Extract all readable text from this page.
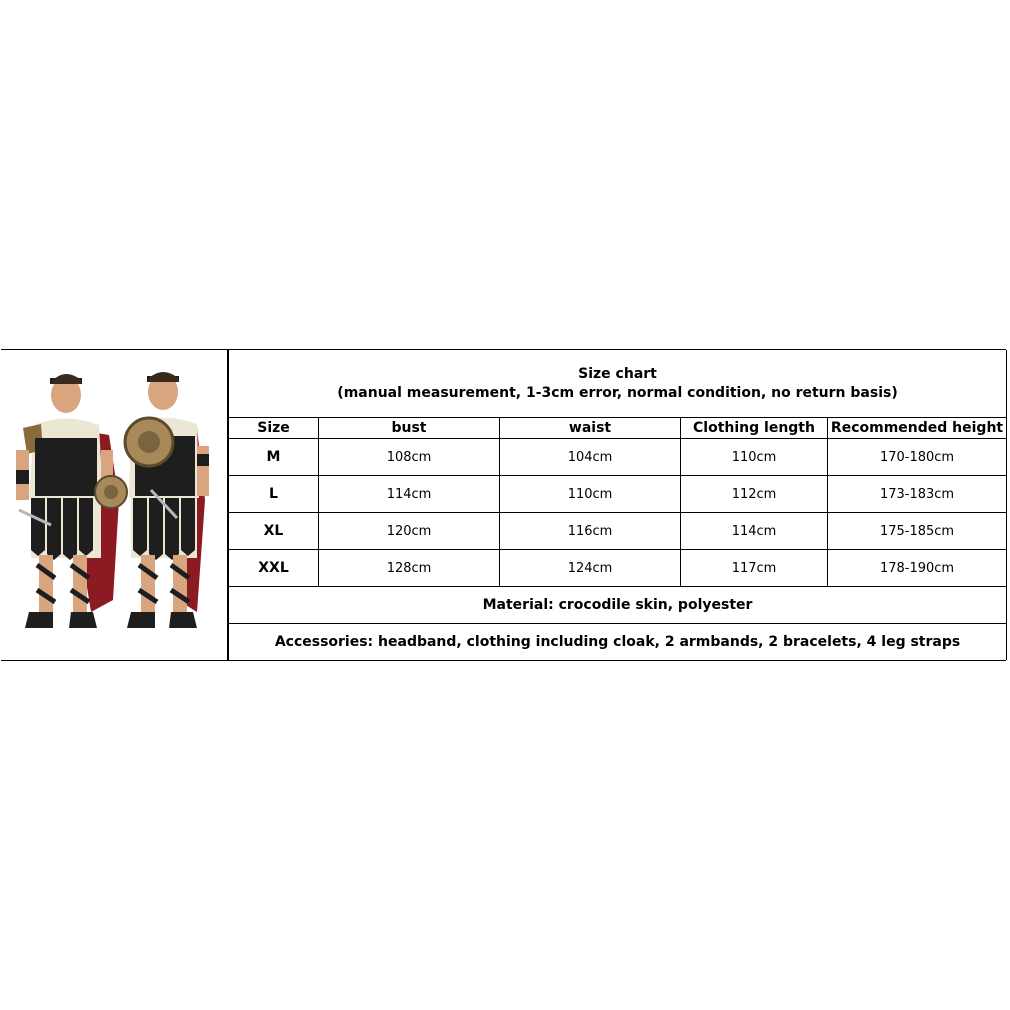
Size chart
(manual measurement, 1-3cm error, normal condition, no return basis)				

Size	bust	waist	Clothing length	Recommended height
M	108cm	104cm	110cm	170-180cm
L	114cm	110cm	112cm	173-183cm
XL	120cm	116cm	114cm	175-185cm
XXL	128cm	124cm	117cm	178-190cm
Material: crocodile skin, polyester				
Accessories: headband, clothing including cloak, 2 armbands, 2 bracelets, 4 leg straps				
